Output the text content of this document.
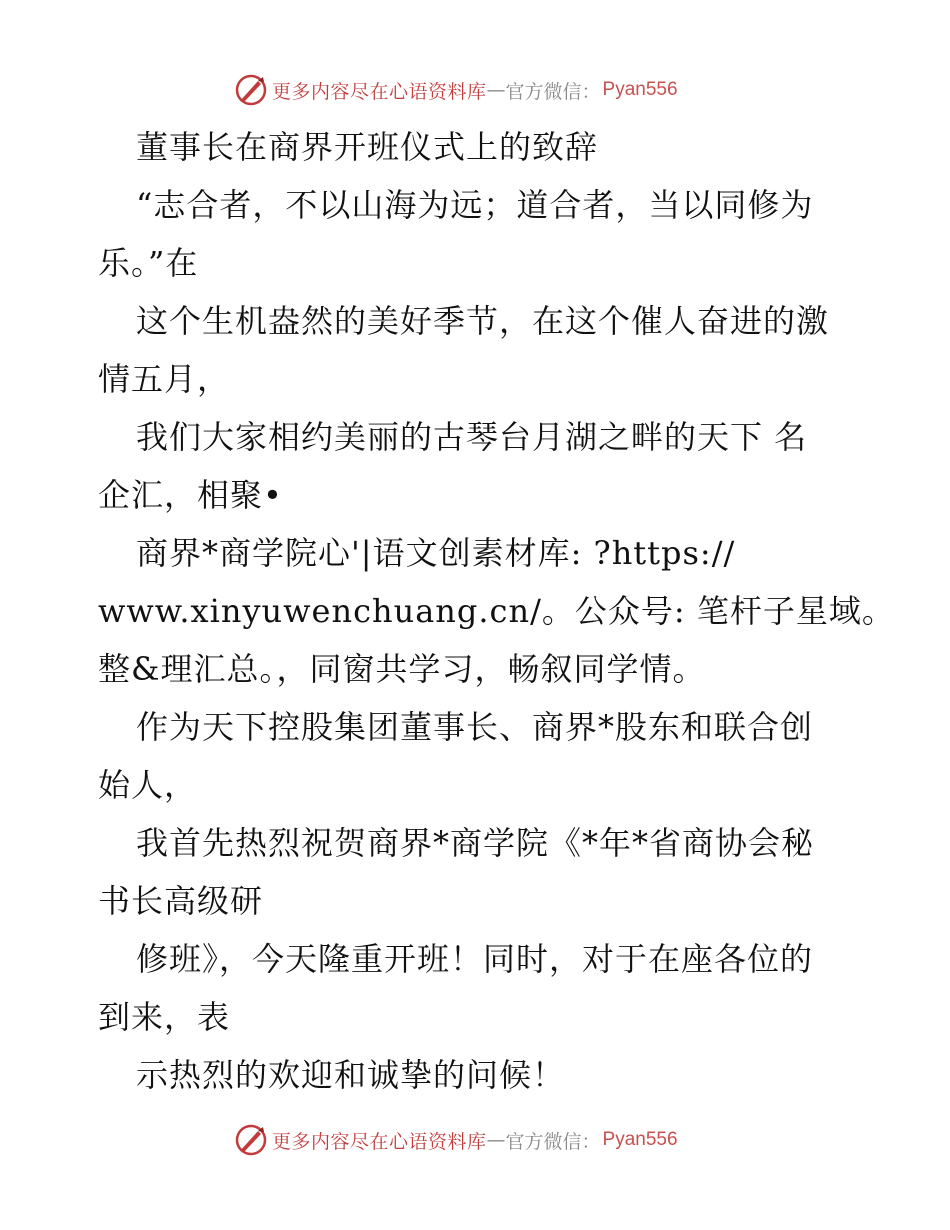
更多内容尽在心语资料库 — 官方微信： Pyan556
董事长在商界开班仪式上的致辞
“志合者，不以山海为远；道合者，当以同修为
乐。”在
这个生机盎然的美好季节，在这个催人奋进的激
情五月，
我们大家相约美丽的古琴台月湖之畔的天下 名
企汇，相聚•
商界*商学院心'|语文创素材库: ?https://
www.xinyuwenchuang.cn/。公众号: 笔杆子星域。
整&理汇总。，同窗共学习，畅叙同学情。
作为天下控股集团董事长、商界*股东和联合创
始人，
我首先热烈祝贺商界*商学院《*年*省商协会秘
书长高级研
修班》，今天隆重开班！同时，对于在座各位的
到来，表
示热烈的欢迎和诚挚的问候！
更多内容尽在心语资料库 — 官方微信： Pyan556
